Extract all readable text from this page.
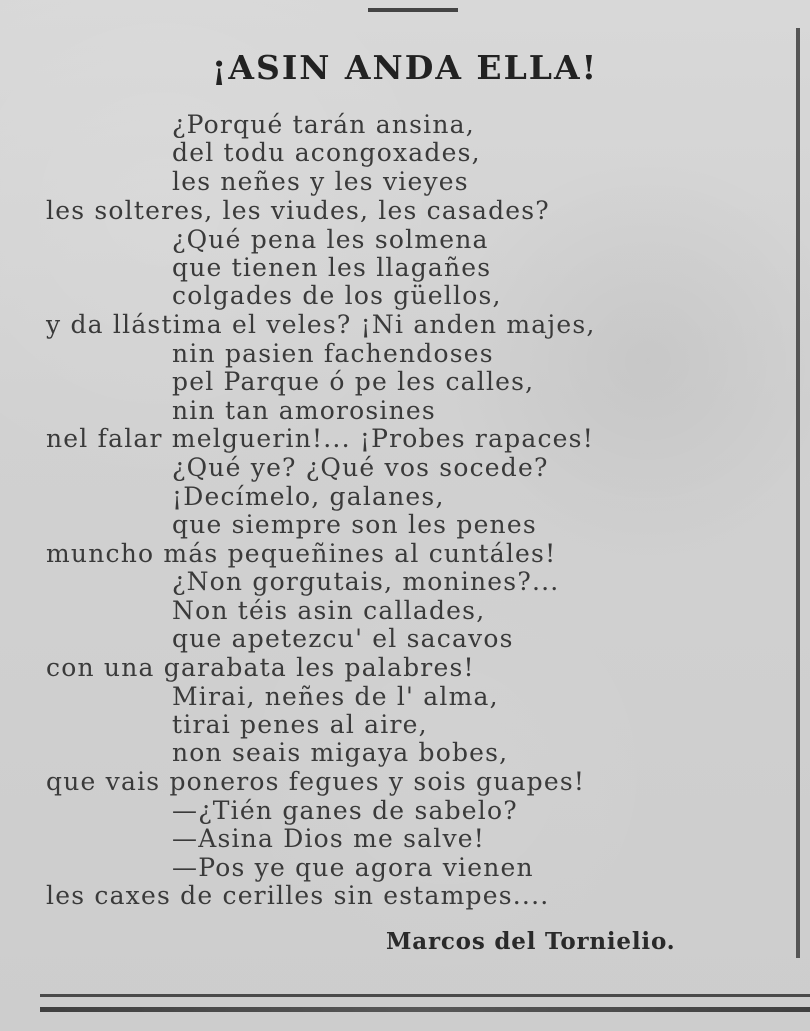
¡ASIN ANDA ELLA!
¿Porqué tarán ansina,
del todu acongoxades,
les neñes y les vieyes
les solteres, les viudes, les casades?
¿Qué pena les solmena
que tienen les llagañes
colgades de los güellos,
y da llástima el veles? ¡Ni anden majes,
nin pasien fachendoses
pel Parque ó pe les calles,
nin tan amorosines
nel falar melguerin!... ¡Probes rapaces!
¿Qué ye? ¿Qué vos socede?
¡Decímelo, galanes,
que siempre son les penes
muncho más pequeñines al cuntáles!
¿Non gorgutais, monines?...
Non téis asin callades,
que apetezcu' el sacavos
con una garabata les palabres!
Mirai, neñes de l' alma,
tirai penes al aire,
non seais migaya bobes,
que vais poneros fegues y sois guapes!
—¿Tién ganes de sabelo?
—Asina Dios me salve!
—Pos ye que agora vienen
les caxes de cerilles sin estampes....
Marcos del Tornielio.
